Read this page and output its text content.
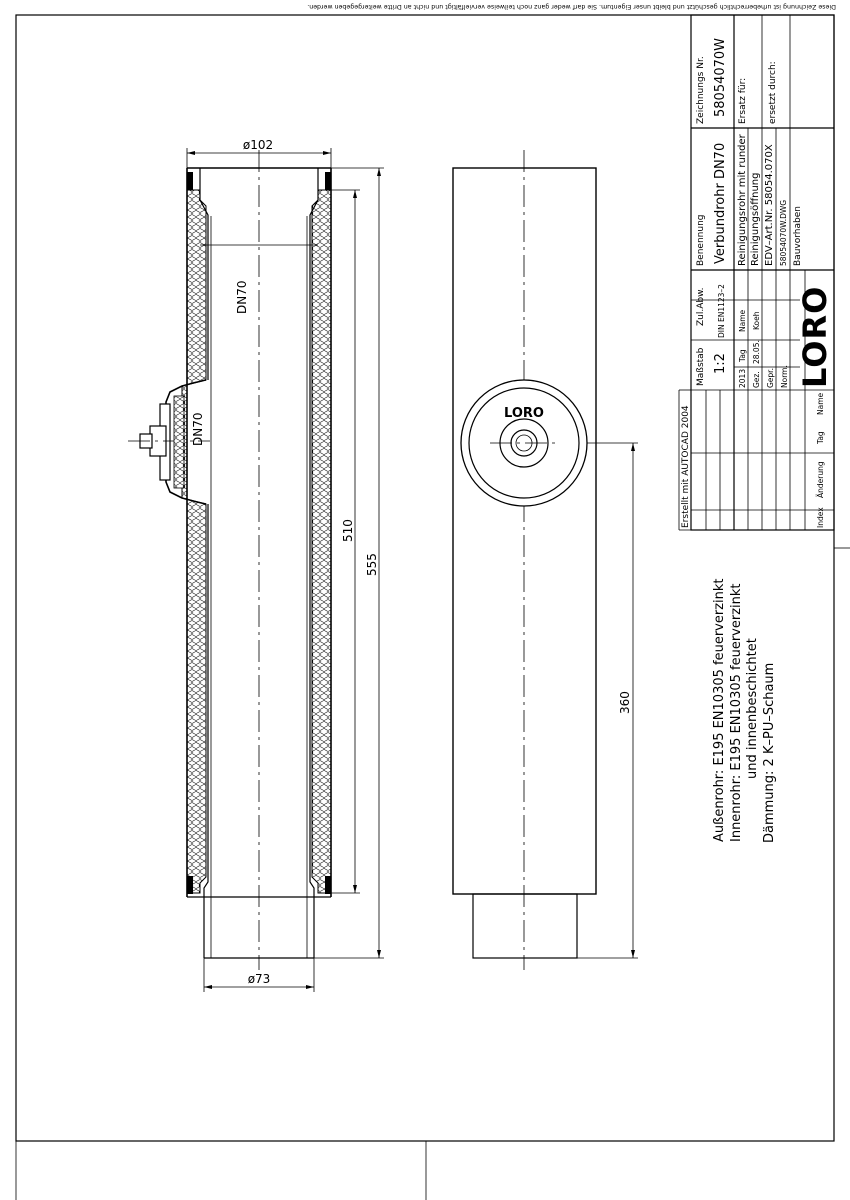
Diese Zeichnung ist urheberrechtlich geschützt und bleibt unser Eigentum. Sie darf weder ganz noch teilweise vervielfältigt und nicht an Dritte weitergegeben werden.
ø102
ø73
DN70
DN70
510
555
LORO
360	Außenrohr: E195 EN10305 feuerverzinkt Innenrohr: E195 EN10305 feuerverzinkt und innenbeschichtet Dämmung: 2 K–PU–Schaum
Erstellt mit AUTOCAD 2004
Zeichnungs Nr. 58054070W Ersatz für: ersetzt durch:
Benennung Verbundrohr DN70 Reinigungsrohr mit runder Reinigungsöffnung EDV–Art.Nr. 58054.070X 58054070W.DWG Bauvorhaben
Zul.Abw. DIN EN1123–2
Maßstab 1:2
2013
Tag
Name
Gez.
28.05.
Koeh
Gepr. Norm. LORO
Index
Änderung
Tag
Name
